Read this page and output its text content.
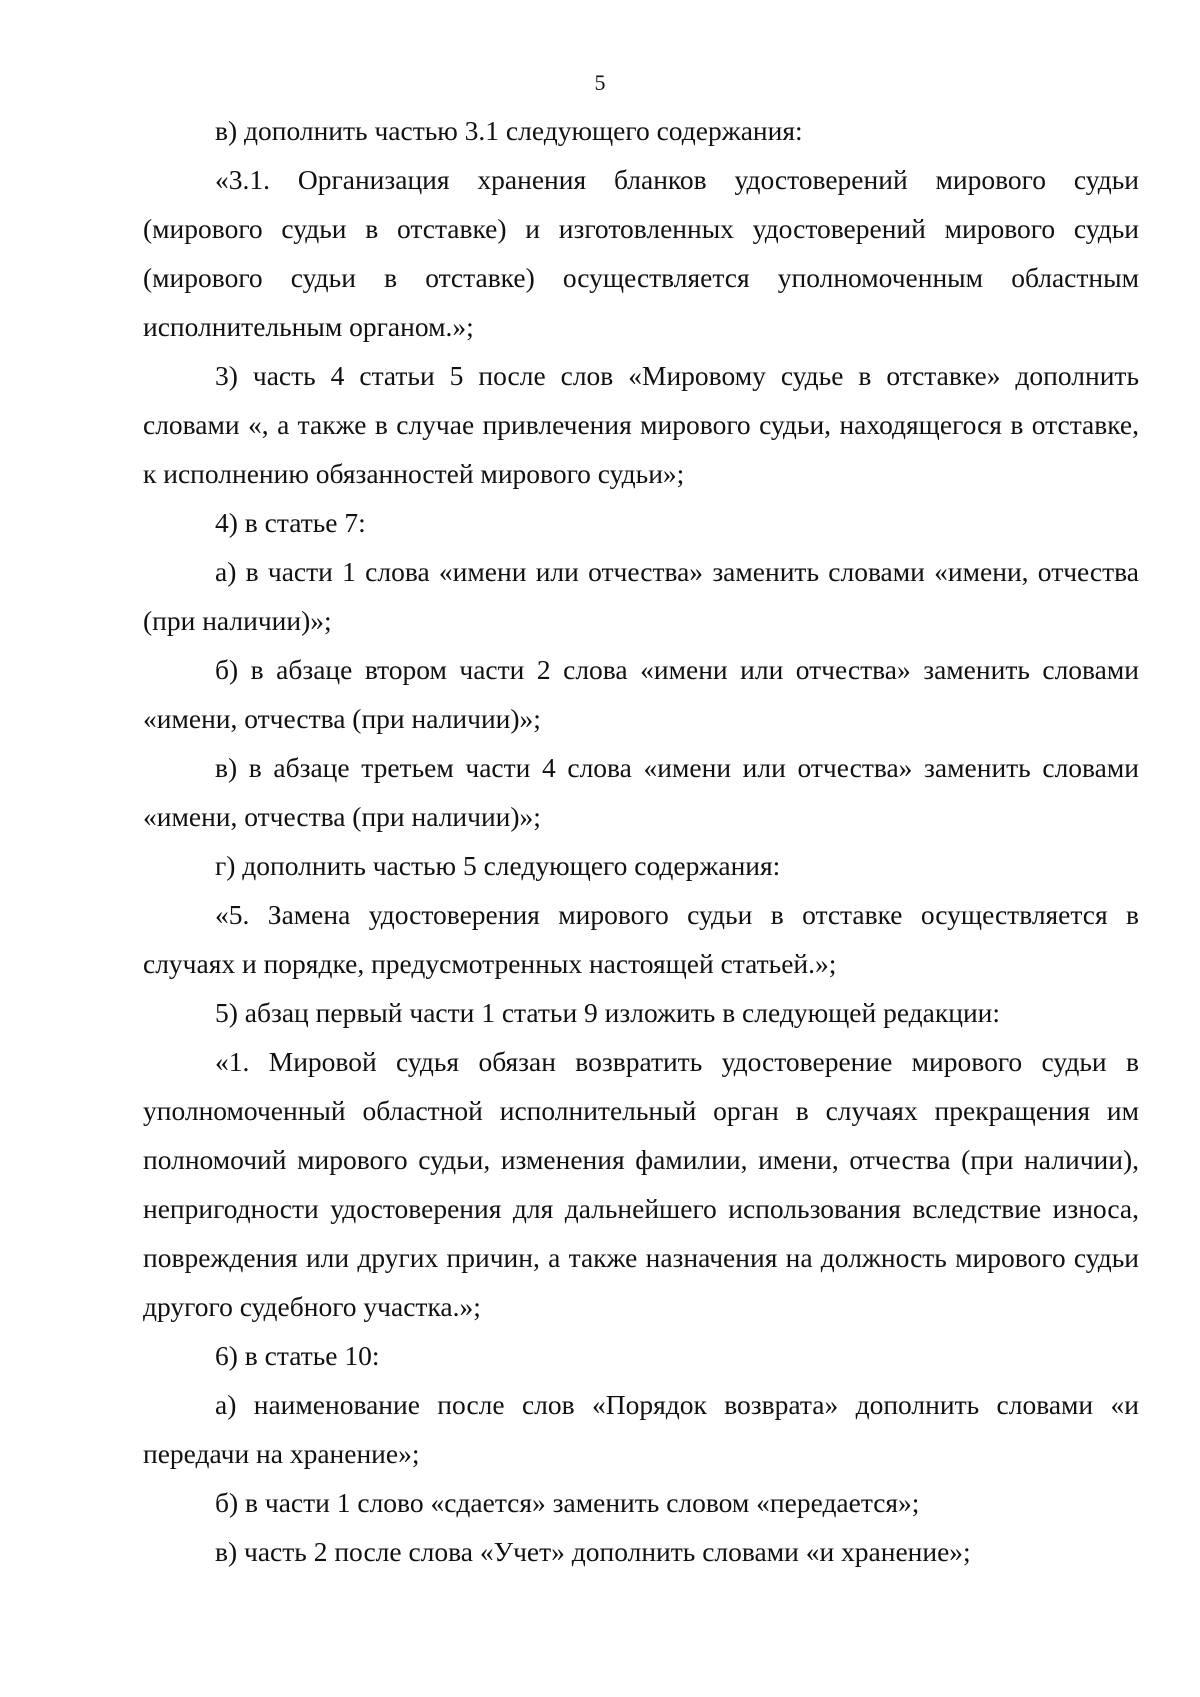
5

в) дополнить частью 3.1 следующего содержания:

«3.1. Организация хранения бланков удостоверений мирового судьи (мирового судьи в отставке) и изготовленных удостоверений мирового судьи (мирового судьи в отставке) осуществляется уполномоченным областным исполнительным органом.»;

3) часть 4 статьи 5 после слов «Мировому судье в отставке» дополнить словами «, а также в случае привлечения мирового судьи, находящегося в отставке, к исполнению обязанностей мирового судьи»;

4) в статье 7:

а) в части 1 слова «имени или отчества» заменить словами «имени, отчества (при наличии)»;

б) в абзаце втором части 2 слова «имени или отчества» заменить словами «имени, отчества (при наличии)»;

в) в абзаце третьем части 4 слова «имени или отчества» заменить словами «имени, отчества (при наличии)»;

г) дополнить частью 5 следующего содержания:

«5. Замена удостоверения мирового судьи в отставке осуществляется в случаях и порядке, предусмотренных настоящей статьей.»;

5) абзац первый части 1 статьи 9 изложить в следующей редакции:

«1. Мировой судья обязан возвратить удостоверение мирового судьи в уполномоченный областной исполнительный орган в случаях прекращения им полномочий мирового судьи, изменения фамилии, имени, отчества (при наличии), непригодности удостоверения для дальнейшего использования вследствие износа, повреждения или других причин, а также назначения на должность мирового судьи другого судебного участка.»;

6) в статье 10:

а) наименование после слов «Порядок возврата» дополнить словами «и передачи на хранение»;

б) в части 1 слово «сдается» заменить словом «передается»;

в) часть 2 после слова «Учет» дополнить словами «и хранение»;
